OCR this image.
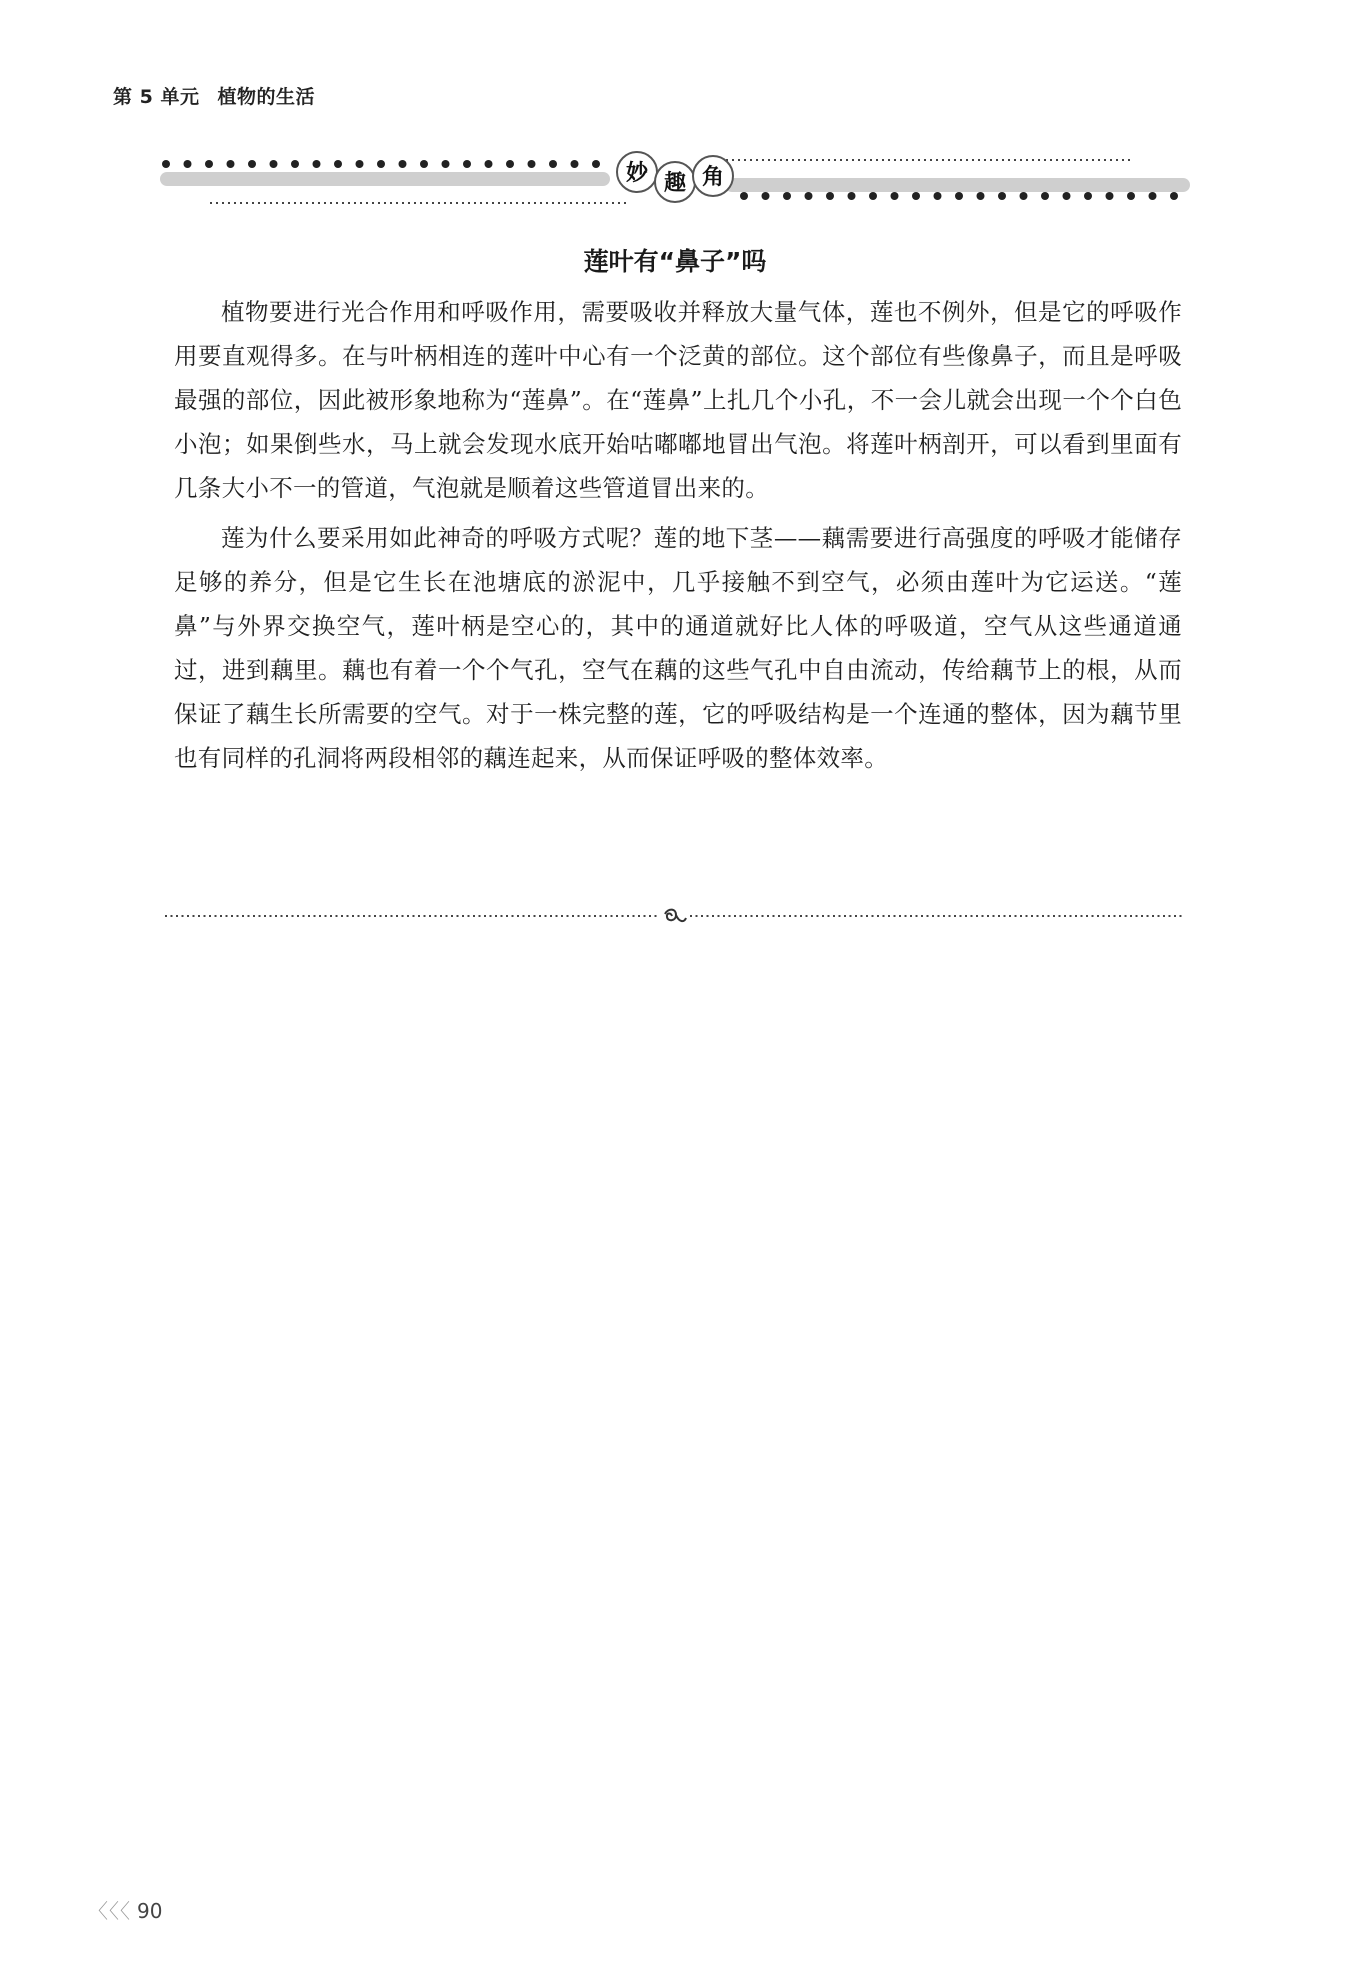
第 5 单元 植物的生活
妙 趣 角
莲叶有“鼻子”吗

植物要进行光合作用和呼吸作用，需要吸收并释放大量气体，莲也不例外，但是它的呼吸作用要直观得多。在与叶柄相连的莲叶中心有一个泛黄的部位。这个部位有些像鼻子，而且是呼吸最强的部位，因此被形象地称为“莲鼻”。在“莲鼻”上扎几个小孔，不一会儿就会出现一个个白色小泡；如果倒些水，马上就会发现水底开始咕嘟嘟地冒出气泡。将莲叶柄剖开，可以看到里面有几条大小不一的管道，气泡就是顺着这些管道冒出来的。

莲为什么要采用如此神奇的呼吸方式呢？莲的地下茎——藕需要进行高强度的呼吸才能储存足够的养分，但是它生长在池塘底的淤泥中，几乎接触不到空气，必须由莲叶为它运送。“莲鼻”与外界交换空气，莲叶柄是空心的，其中的通道就好比人体的呼吸道，空气从这些通道通过，进到藕里。藕也有着一个个气孔，空气在藕的这些气孔中自由流动，传给藕节上的根，从而保证了藕生长所需要的空气。对于一株完整的莲，它的呼吸结构是一个连通的整体，因为藕节里也有同样的孔洞将两段相邻的藕连起来，从而保证呼吸的整体效率。

〈〈〈 90
